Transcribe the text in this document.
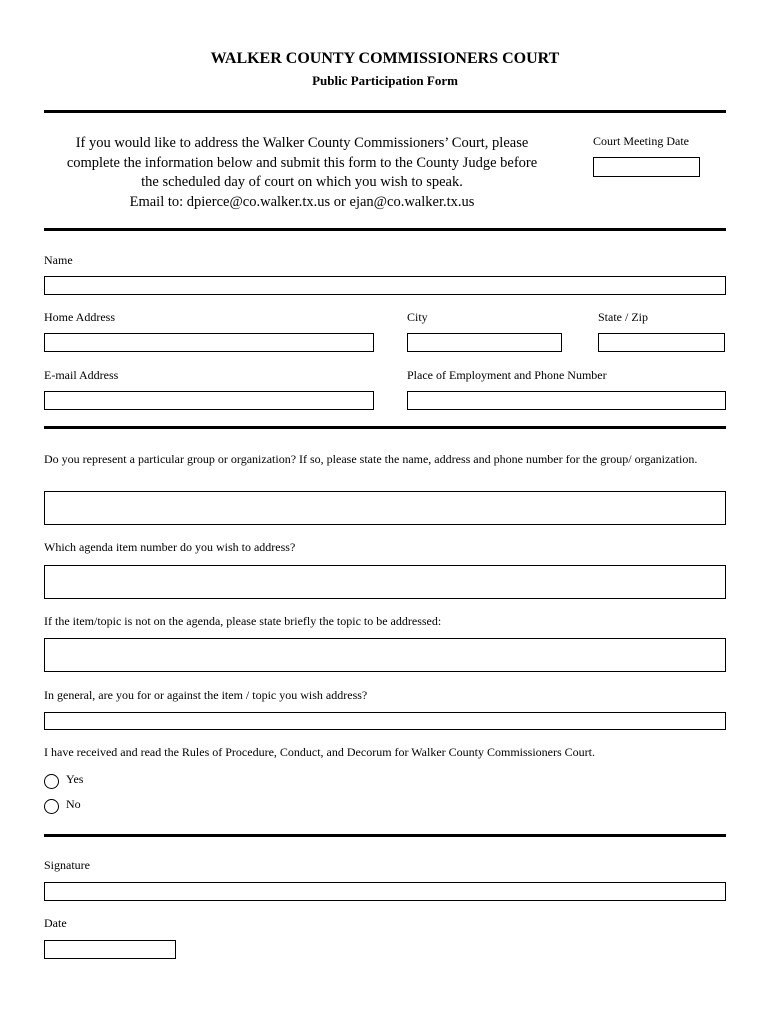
WALKER COUNTY COMMISSIONERS COURT
Public Participation Form
If you would like to address the Walker County Commissioners’ Court, please
complete the information below and submit this form to the County Judge before
the scheduled day of court on which you wish to speak.
Email to: dpierce@co.walker.tx.us or ejan@co.walker.tx.us
Court Meeting Date
Name
Home Address	City	State / Zip
E-mail Address	Place of Employment and Phone Number
Do you represent a particular group or organization? If so, please state the name, address and phone number for the group/ organization.
Which agenda item number do you wish to address?
If the item/topic is not on the agenda, please state briefly the topic to be addressed:
In general, are you for or against the item / topic you wish address?
I have received and read the Rules of Procedure, Conduct, and Decorum for Walker County Commissioners Court.
Yes
No
Signature
Date
